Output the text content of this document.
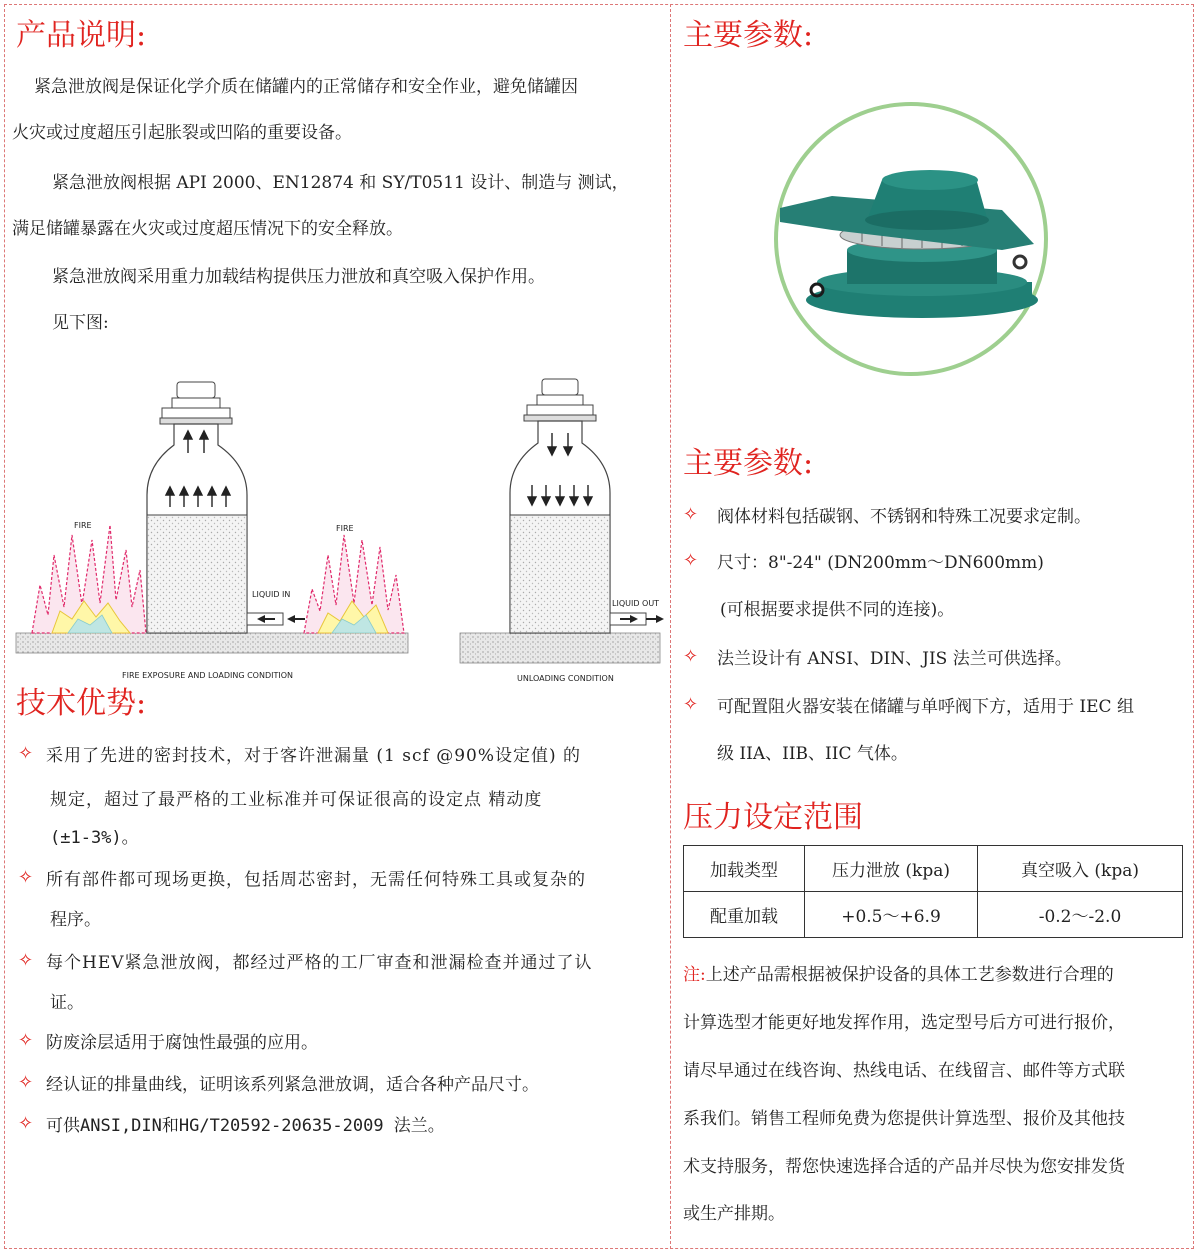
产品说明:
紧急泄放阀是保证化学介质在储罐内的正常储存和安全作业，避免储罐因
火灾或过度超压引起胀裂或凹陷的重要设备。
紧急泄放阀根据 API 2000、EN12874 和 SY/T0511 设计、制造与 测试，
满足储罐暴露在火灾或过度超压情况下的安全释放。
紧急泄放阀采用重力加载结构提供压力泄放和真空吸入保护作用。
见下图:
FIRE
LIQUID IN
FIRE
FIRE EXPOSURE AND LOADING CONDITION
LIQUID OUT
UNLOADING CONDITION
技术优势:
✧ 采用了先进的密封技术，对于客许泄漏量 (1 scf @90%设定值) 的
规定，超过了最严格的工业标准并可保证很高的设定点 精动度
(±1-3%)。
✧ 所有部件都可现场更换，包括周芯密封，无需任何特殊工具或复杂的
程序。
✧ 每个HEV紧急泄放阀，都经过严格的工厂审查和泄漏检查并通过了认
证。
✧ 防废涂层适用于腐蚀性最强的应用。
✧ 经认证的排量曲线，证明该系列紧急泄放调，适合各种产品尺寸。
✧ 可供ANSI,DIN和HG/T20592-20635-2009 法兰。
主要参数:
主要参数:
✧ 阀体材料包括碳钢、不锈钢和特殊工况要求定制。
✧ 尺寸：8"-24" (DN200mm～DN600mm)
(可根据要求提供不同的连接)。
✧ 法兰设计有 ANSI、DIN、JIS 法兰可供选择。
✧ 可配置阻火器安装在储罐与单呼阀下方，适用于 IEC 组
级 IIA、IIB、IIC 气体。
压力设定范围
加载类型	压力泄放 (kpa)	真空吸入 (kpa)
配重加载	+0.5～+6.9	-0.2～-2.0
注:上述产品需根据被保护设备的具体工艺参数进行合理的
计算选型才能更好地发挥作用，选定型号后方可进行报价，
请尽早通过在线咨询、热线电话、在线留言、邮件等方式联
系我们。销售工程师免费为您提供计算选型、报价及其他技
术支持服务，帮您快速选择合适的产品并尽快为您安排发货
或生产排期。
